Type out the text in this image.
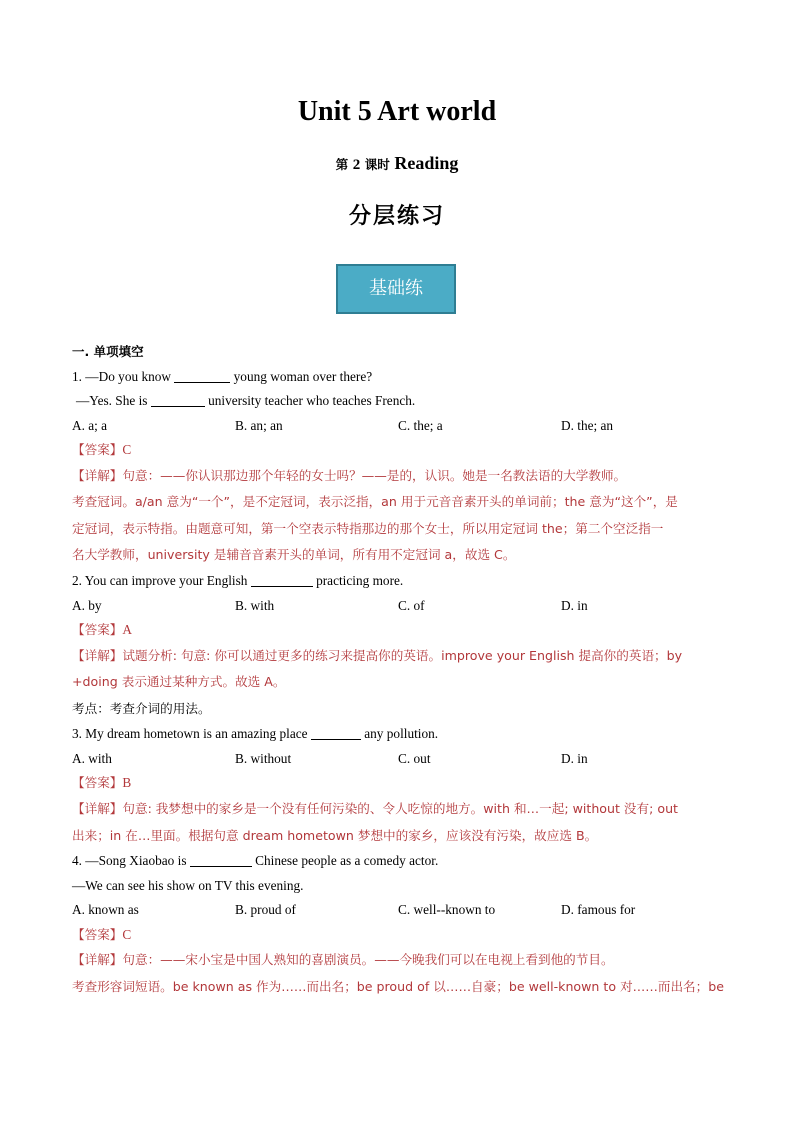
Unit 5 Art world
第 2 课时 Reading
分层练习
基础练
一. 单项填空
1. —Do you know	young woman over there?
—Yes. She is	university teacher who teaches French.
A. a; a	B. an; an	C. the; a	D. the; an
【答案】C
【详解】句意：——你认识那边那个年轻的女士吗？——是的，认识。她是一名教法语的大学教师。
考查冠词。a/an 意为“一个”，是不定冠词，表示泛指，an 用于元音音素开头的单词前；the 意为“这个”，是
定冠词，表示特指。由题意可知，第一个空表示特指那边的那个女士，所以用定冠词 the；第二个空泛指一
名大学教师，university 是辅音音素开头的单词，所有用不定冠词 a，故选 C。
2. You can improve your English	practicing more.
A. by	B. with	C. of	D. in
【答案】A
【详解】试题分析: 句意: 你可以通过更多的练习来提高你的英语。improve your English 提高你的英语；by
+doing 表示通过某种方式。故选 A。
考点：考查介词的用法。
3. My dream hometown is an amazing place	any pollution.
A. with	B. without	C. out	D. in
【答案】B
【详解】句意: 我梦想中的家乡是一个没有任何污染的、令人吃惊的地方。with 和…一起; without 没有; out
出来；in 在…里面。根据句意 dream hometown 梦想中的家乡，应该没有污染，故应选 B。
4. —Song Xiaobao is	Chinese people as a comedy actor.
—We can see his show on TV this evening.
A. known as	B. proud of	C. well--known to	D. famous for
【答案】C
【详解】句意：——宋小宝是中国人熟知的喜剧演员。——今晚我们可以在电视上看到他的节目。
考查形容词短语。be known as 作为……而出名；be proud of 以……自豪；be well-known to 对……而出名；be
